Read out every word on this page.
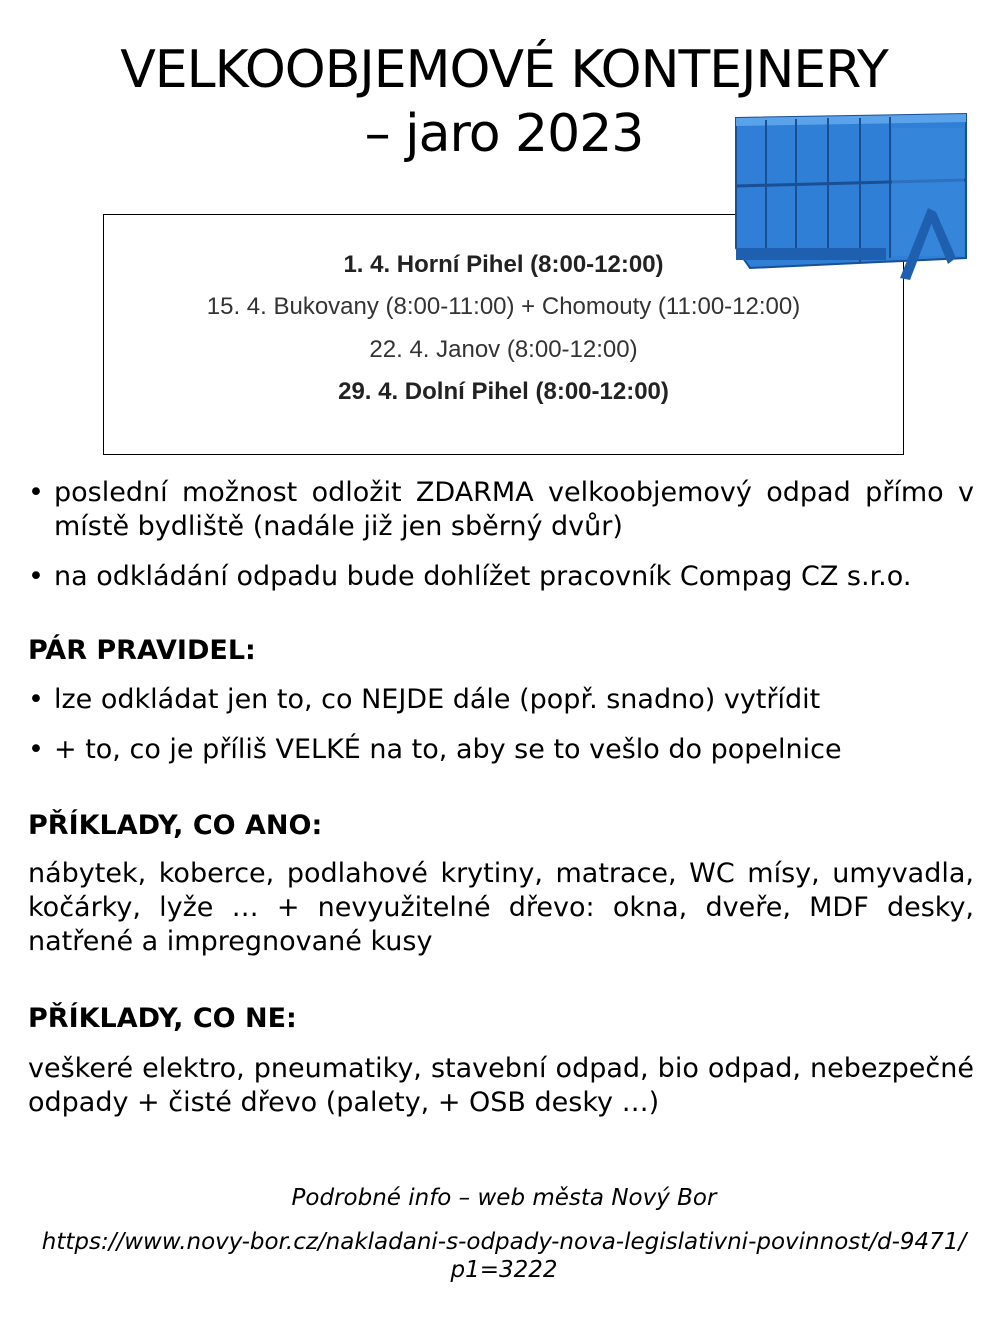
VELKOOBJEMOVÉ KONTEJNERY
– jaro 2023
1. 4. Horní Pihel (8:00-12:00)
15. 4. Bukovany (8:00-11:00) + Chomouty (11:00-12:00)
22. 4. Janov (8:00-12:00)
29. 4. Dolní Pihel (8:00-12:00)
• poslední možnost odložit ZDARMA velkoobjemový odpad přímo v místě bydliště (nadále již jen sběrný dvůr)
• na odkládání odpadu bude dohlížet pracovník Compag CZ s.r.o.
PÁR PRAVIDEL:
• lze odkládat jen to, co NEJDE dále (popř. snadno) vytřídit
• + to, co je příliš VELKÉ na to, aby se to vešlo do popelnice
PŘÍKLADY, CO ANO:
nábytek, koberce, podlahové krytiny, matrace, WC mísy, umyvadla, kočárky, lyže … + nevyužitelné dřevo: okna, dveře, MDF desky, natřené a impregnované kusy
PŘÍKLADY, CO NE:
veškeré elektro, pneumatiky, stavební odpad, bio odpad, nebezpečné odpady + čisté dřevo (palety, + OSB desky …)
Podrobné info – web města Nový Bor
https://www.novy-bor.cz/nakladani-s-odpady-nova-legislativni-povinnost/d-9471/p1=3222
